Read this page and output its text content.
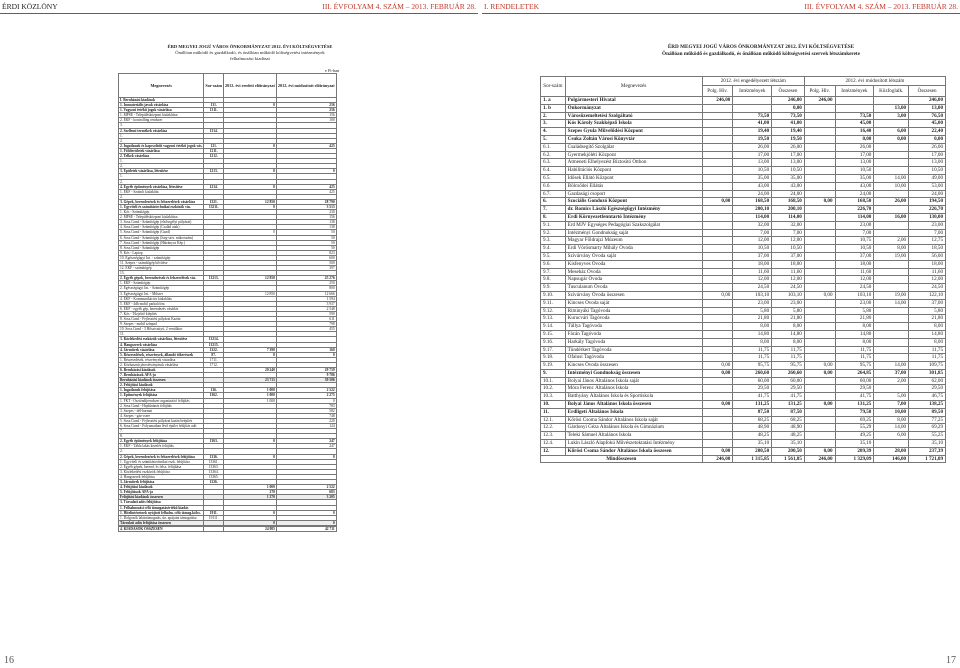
ÉRDI KÖZLÖNY	III. ÉVFOLYAM 4. SZÁM – 2013. FEBRUÁR 28. I. RENDELETEK	III. ÉVFOLYAM 4. SZÁM – 2013. FEBRUÁR 28.
ÉRD MEGYEI JOGÚ VÁROS ÖNKORMÁNYZAT 2012. ÉVI KÖLTSÉGVETÉSE
Önállóan működő és gazdálkodó, és önállóan működő költségvetési intézmények
felhalmozási kiadásai
e Ft-ban
Megnevezés	Sor-szám	2012. évi eredeti előirányzat	2012. évi módosított előirányzat
I. Beruházási kiadások			
1. Immateriális javak vásárlása	131.	0	256
1. Vagyoni értékű jogok vásárlása	1311.		256
1. MPSE - Településközpont kialakítása			156
2. EKF - kontrolling rendszer			100
3.			
2. Szellemi termékek vásárlása	1314.		
1.			
2.			
2. Ingatlanok és kapcsolódó vagyoni értékű jogok vás.	121.	0	425
1. Földterületek vásárlása	1211.		
2. Telkek vásárlása	1212.		
1.			
2.			
3. Épületek vásárlása, létesítése	1213.	0	0
1.			
2.			
4. Egyéb építmények vásárlása, létesítése	1214.	0	425
1. EKF - Szabolt kialakítás			425
2.			
3. Gépek, berendezések és felszerelések vásárlása	1321.	12 850	28 790
1. Ügyviteli és számítástechnikai eszközök vás.	13211.	0	3 513
1. Kós - Számítógép			230
2. MPSE - Településközpont kialakítása			156
3. Sosz.Gond - Számítógép (elsősegélyi pályázat)			138
4. Sosz.Gond - Számítógép (Család utak)			138
5. Sosz.Gond - Számítógép (Gazd)		0	50
6. Sosz.Gond - Számítógép (Iseg-sziv. mikroszám)			50
7. Sosz.Gond - Számítógép (Hátrányos Kép.)			50
8. Sosz.Gond - Számítógép			50
9. Kós - Laptop			823
10. Egészségügyi Int. - számítógép			600
11. Szepes - számítógép bővítése			500
12. EKF - számítógép			397
13.			
2. Egyéb gépek, berendezések és felszerelések vás.	13213.	12 850	25 276
1. EKF - Számítógép			250
2. Egészségügyi Int. - Számítógép			800
3. Egészségügyi Int. - Műszer		12 850	12 666
4. EKF - Kommunikációs kialakítás			1 594
5. EKF - 4db mobil parkolóóra			3 937
6. EKF - egyéb gép, berendezés vásárlás			2 548
7. Kós - Tűzjelző kiépítés			590
8. Sosz.Gond - Fejlesztési pályázat Kazán			611
9. Szepes - mobil színpad			798
10. Sosz.Gond - 3 Hőszivattyú, 2 ventilátor			455
11.			
3. Közlekedési eszközök vásárlása, létesítése	13214.		
4. Hangszerek vásárlása	13215.		
4. Járművek vásárlása	1322.	7 390	160
5. Részesedések, részvények, állandó tőkerészek	87.	0	0
1. Részesedések, részvények vásárlása	1711.		
2. Közhasznú jáncsétványások vásárlása	1712.		
6. Beruházási kiadások		20 240	29 759
7. Beruházások ÁFA-ja			9 786
Beruházási kiadások összesen		23 715	39 506
2. Felújítási kiadások			
1. Ingatlanok felújítása	136.	1 000	2 522
1. Építmények felújítása	1362.	1 000	2 275
1. FKT - Ösztöndíjrendszer organizáció felújítás		1 000	0
2. Sosz.Gond - Hajdúnánás felújítás			783
3. Szepes - dél-harmat			582
4. Szepes - gáz-csere			748
5. Sosz.Gond - Fejlesztési pályázat kazán beépítés			220
6. Sosz.Gond - Folyamatban lévő épület felújítás adó.			124
7.			
8.			
2. Egyéb építmények felújítása	1363.	0	247
1. EKF - Tábla lakás kezelés felújítás			247
2.			
2. Gépek, berendezések és felszerelések felújítása	1336.	0	0
1. Ügyviteli és számítástechnikai eszk. felújítása	13361.		
2. Egyéb gépek, berend. és felsz. felújítása	13363.		
3. Közlekedési eszközök felújítása	13364.		
4. Hangszerek felújítása	13365.		
3. Járművek felújítása	1326.		
4. Felújítási kiadások		1 000	2 522
5. Felújítások ÁFA-ja		270	683
Felújítási kiadások összesen		1 270	3 205
3. Társulati adós felújítása			
1. Felhalmozási célú támogatásértékű kiadás			
1. Hitelintézetnek nyújtott felhalm. célú támog.kölcs.	1911.	0	0
1. Dolgozók lakástámogatás, ún. apújaint támogatása	19111.		
Társulati adós felújítása összesen		0	0

4. KIADÁSOK ÖSSZESEN		24 985	42 711
16
ÉRD MEGYEI JOGÚ VÁROS ÖNKORMÁNYZAT 2012. ÉVI KÖLTSÉGVETÉSE
Önállóan működő és gazdálkodó, és önállóan működő költségvetési szervek létszámkerete
Sor-szám	Megnevezés	2012. évi engedélyezett létszám			2012. évi módosított létszám			
		Polg. Hiv.	Intézmények	Összesen	Polg. Hiv.	Intézmények	Közfoglalk.	Összesen
1. a	Polgármesteri Hivatal	246,00		246,00	246,00			246,00
1. b	Önkormányzat			0,00			13,00	13,00
2.	Városüzemeltetési Szolgáltató		73,50	73,50		73,50	3,00	76,50
3.	Kós Károly Szakképző Iskola		41,00	41,00		45,00		45,00
4.	Szepes Gyula Művelődési Központ		19,40	19,40		16,40	6,00	22,40
5.	Csuka Zoltán Városi Könyvtár		19,50	19,50		0,00	0,00	0,00
6.1.	Családsegítő Szolgálat		26,00	26,00		26,00		26,00
6.2.	Gyermekjóléti Központ		17,00	17,00		17,00		17,00
6.3.	Átmeneti Elhelyezést Biztosító Otthon		13,00	13,00		13,00		13,00
6.4.	Habilitációs Központ		10,50	10,50		10,50		10,50
6.5.	Idősek Ellátó Központ		35,00	35,00		35,00	14,00	49,00
6.6.	Bölcsődei Ellátás		43,00	43,00		43,00	10,00	53,00
6.7.	Gazdasági csoport		24,00	24,00		24,00		24,00
6.	Szociális Gondozó Központ	0,00	168,50	168,50	0,00	168,50	26,00	194,50
7.	dr. Romics László Egészségügyi Intézmény		200,10	200,10		226,70		226,70
8.	Érdi Környezetfenntartó Intézmény		114,00	114,00		114,00	16,00	130,00
9.1.	Érd MJV Egységes Pedagógiai Szakszolgálat		32,00	32,00		23,00		23,00
9.2.	Intézményi Gondnokság saját		7,00	7,00		7,00		7,00
9.3.	Magyar Főldrajzi Múzeum		12,00	12,00		10,75	2,00	12,75
9.4.	Érdi Vörösmarty Mihály Óvoda		10,50	10,50		10,50	8,00	18,50
9.5.	Szivárvány Óvoda saját		37,00	37,00		37,00	19,00	56,00
9.6.	Kisfenyves Óvoda		18,00	18,00		18,00		18,00
9.7.	Meseház Óvoda		11,60	11,60		11,60		11,60
9.8.	Napsugár Óvoda		12,00	12,00		12,00		12,00
9.9.	Tusculanum Óvoda		24,50	24,50		24,50		24,50
9.10.	Szivárvány Óvoda összesen	0,00	103,10	103,10	0,00	103,10	19,00	122,10
9.11.	Kincses Óvoda saját		23,00	23,00		23,00	14,00	37,00
9.12.	Riminyáki Tagóvoda		5,80	5,80		5,80		5,80
9.13.	Kurucvári Tagóvoda		21,80	21,80		21,80		21,80
9.14.	Tállya Tagóvoda		8,00	8,00		8,00		8,00
9.15.	Fácán Tagóvoda		14,80	14,80		14,80		14,80
9.16.	Harkály Tagóvoda		8,00	8,00		8,00		8,00
9.17.	Tündérkert Tagóvoda		11,75	11,75		11,75		11,75
9.18.	Öfalusi Tagóvoda		11,75	11,75		11,75		11,75
9.19.	Kincses Óvoda összesen	0,00	95,75	95,75	0,00	95,75	14,00	109,75
9.	Intézményi Gondnokság összesen	0,00	260,60	260,60	0,00	264,85	37,00	301,85
10.1.	Bolyai János Általános Iskola saját		60,00	60,00		60,00	2,00	62,00
10.2.	Móra Ferenc Általános Iskola		29,50	29,50		29,50		29,50
10.3.	Batthyány Általános Iskola és Sportiskola		41,75	41,75		41,75	5,00	46,75
10.	Bolyai János Általános Iskola összesen	0,00	131,25	131,25	0,00	131,25	7,00	138,25
11.	Érdligeti Általános Iskola		87,50	87,50		79,50	10,00	89,50
12.1.	Kőrösi Csoma Sándor Általános Iskola saját		68,25	68,25		69,25	8,00	77,25
12.2.	Gárdonyi Géza Általános Iskola és Gimnázium		48,90	48,90		55,29	14,00	69,29
12.3.	Teleki Sámuel Általános Iskola		48,25	48,25		49,25	6,00	55,25
12.4.	Lukin László Alapfokú Művészetoktatási Intézmény		35,10	35,10		35,10		35,10
12.	Kőrösi Csoma Sándor Általános Iskola összesen	0,00	200,50	200,50	0,00	209,39	28,00	237,39
Mindösszesen		246,00	1 315,85	1 561,85	246,00	1 329,09	146,00	1 721,09
17
